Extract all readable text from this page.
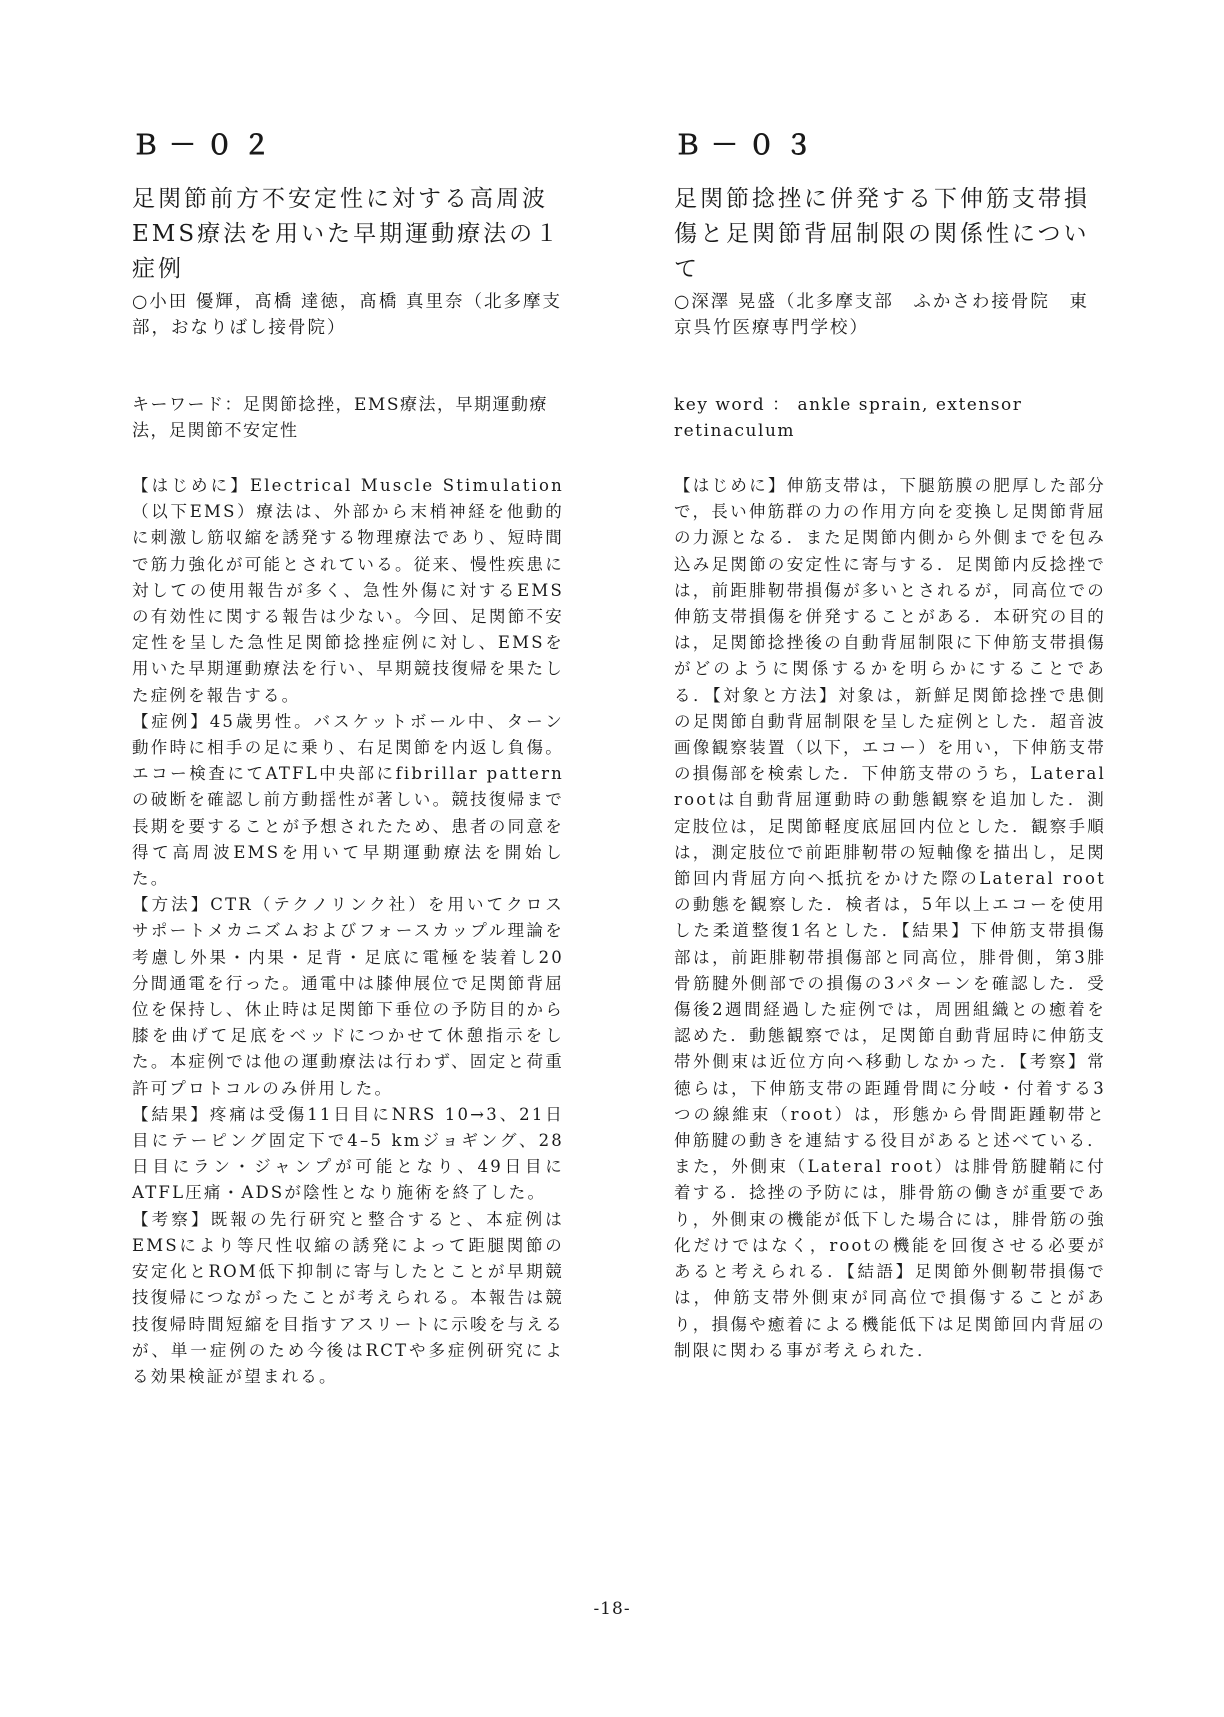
Ｂ－０２
足関節前方不安定性に対する高周波EMS療法を用いた早期運動療法の１症例

○小田 優輝，髙橋 達徳，髙橋 真里奈（北多摩支部，おなりばし接骨院）

キーワード：足関節捻挫，EMS療法，早期運動療法，足関節不安定性

【はじめに】Electrical Muscle Stimulation（以下EMS）療法は、外部から末梢神経を他動的に刺激し筋収縮を誘発する物理療法であり、短時間で筋力強化が可能とされている。従来、慢性疾患に対しての使用報告が多く、急性外傷に対するEMSの有効性に関する報告は少ない。今回、足関節不安定性を呈した急性足関節捻挫症例に対し、EMSを用いた早期運動療法を行い、早期競技復帰を果たした症例を報告する。

【症例】45歳男性。バスケットボール中、ターン動作時に相手の足に乗り、右足関節を内返し負傷。エコー検査にてATFL中央部にfibrillar patternの破断を確認し前方動揺性が著しい。競技復帰まで長期を要することが予想されたため、患者の同意を得て高周波EMSを用いて早期運動療法を開始した。

【方法】CTR（テクノリンク社）を用いてクロスサポートメカニズムおよびフォースカップル理論を考慮し外果・内果・足背・足底に電極を装着し20分間通電を行った。通電中は膝伸展位で足関節背屈位を保持し、休止時は足関節下垂位の予防目的から膝を曲げて足底をベッドにつかせて休憩指示をした。本症例では他の運動療法は行わず、固定と荷重許可プロトコルのみ併用した。

【結果】疼痛は受傷11日目にNRS 10→3、21日目にテーピング固定下で4–5 kmジョギング、28日目にラン・ジャンプが可能となり、49日目にATFL圧痛・ADSが陰性となり施術を終了した。

【考察】既報の先行研究と整合すると、本症例はEMSにより等尺性収縮の誘発によって距腿関節の安定化とROM低下抑制に寄与したとことが早期競技復帰につながったことが考えられる。本報告は競技復帰時間短縮を目指すアスリートに示唆を与えるが、単一症例のため今後はRCTや多症例研究による効果検証が望まれる。

Ｂ－０３
足関節捻挫に併発する下伸筋支帯損傷と足関節背屈制限の関係性について

○深澤 晃盛（北多摩支部　ふかさわ接骨院　東京呉竹医療専門学校）

key word ： ankle sprain, extensor retinaculum

【はじめに】伸筋支帯は，下腿筋膜の肥厚した部分で，長い伸筋群の力の作用方向を変換し足関節背屈の力源となる．また足関節内側から外側までを包み込み足関節の安定性に寄与する．足関節内反捻挫では，前距腓靭帯損傷が多いとされるが，同高位での伸筋支帯損傷を併発することがある．本研究の目的は，足関節捻挫後の自動背屈制限に下伸筋支帯損傷がどのように関係するかを明らかにすることである．【対象と方法】対象は，新鮮足関節捻挫で患側の足関節自動背屈制限を呈した症例とした．超音波画像観察装置（以下，エコー）を用い，下伸筋支帯の損傷部を検索した．下伸筋支帯のうち，Lateral rootは自動背屈運動時の動態観察を追加した．測定肢位は，足関節軽度底屈回内位とした．観察手順は，測定肢位で前距腓靭帯の短軸像を描出し，足関節回内背屈方向へ抵抗をかけた際のLateral rootの動態を観察した．検者は，5年以上エコーを使用した柔道整復1名とした．【結果】下伸筋支帯損傷部は，前距腓靭帯損傷部と同高位，腓骨側，第3腓骨筋腱外側部での損傷の3パターンを確認した．受傷後2週間経過した症例では，周囲組織との癒着を認めた．動態観察では，足関節自動背屈時に伸筋支帯外側束は近位方向へ移動しなかった．【考察】常徳らは，下伸筋支帯の距踵骨間に分岐・付着する3つの線維束（root）は，形態から骨間距踵靭帯と伸筋腱の動きを連結する役目があると述べている．また，外側束（Lateral root）は腓骨筋腱鞘に付着する．捻挫の予防には，腓骨筋の働きが重要であり，外側束の機能が低下した場合には，腓骨筋の強化だけではなく，rootの機能を回復させる必要があると考えられる．【結語】足関節外側靭帯損傷では，伸筋支帯外側束が同高位で損傷することがあり，損傷や癒着による機能低下は足関節回内背屈の制限に関わる事が考えられた．

-18-
